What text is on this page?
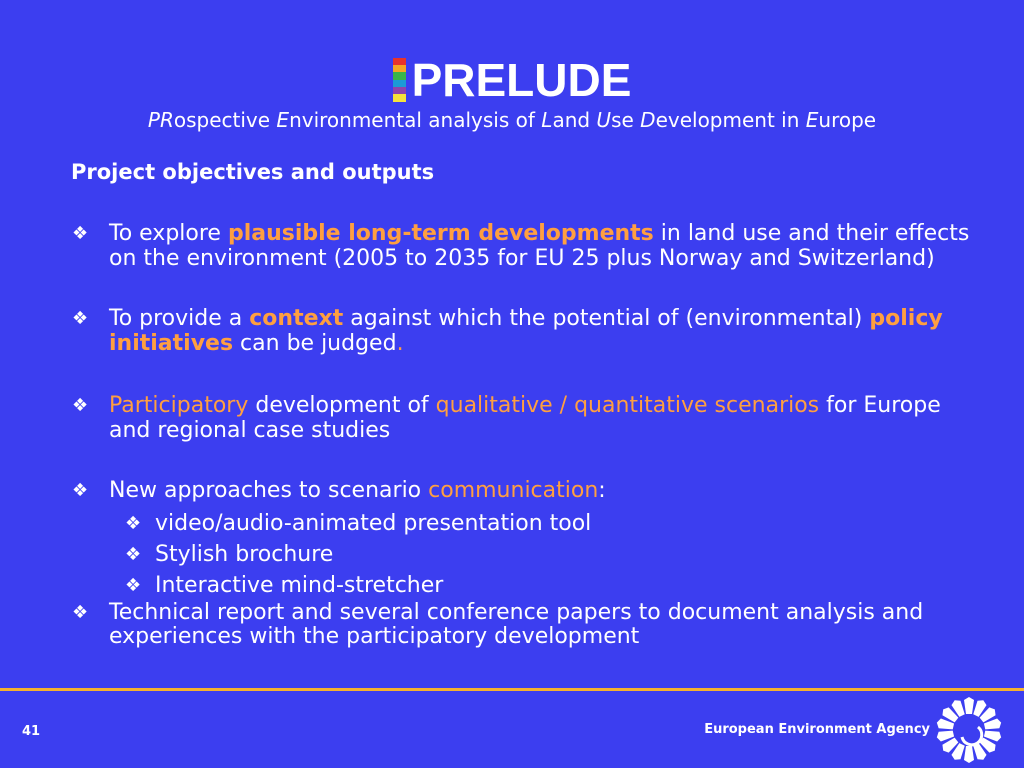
PRELUDE
PRospective Environmental analysis of Land Use Development in Europe
Project objectives and outputs
❖ To explore plausible long-term developments in land use and their effects on the environment (2005 to 2035 for EU 25 plus Norway and Switzerland)
❖ To provide a context against which the potential of (environmental) policy initiatives can be judged.
❖ Participatory development of qualitative / quantitative scenarios for Europe and regional case studies
❖ New approaches to scenario communication:
❖ video/audio-animated presentation tool
❖ Stylish brochure
❖ Interactive mind-stretcher
❖ Technical report and several conference papers to document analysis and experiences with the participatory development
41	European Environment Agency
